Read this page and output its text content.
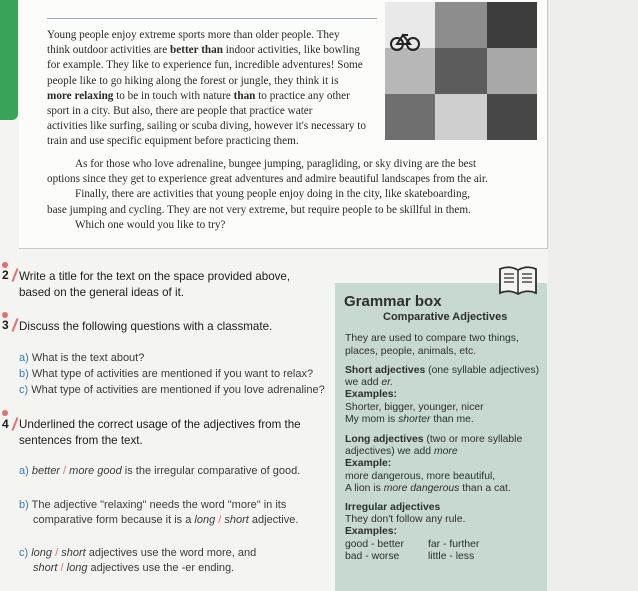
Young people enjoy extreme sports more than older people. They
think outdoor activities are better than indoor activities, like bowling
for example. They like to experience fun, incredible adventures! Some
people like to go hiking along the forest or jungle, they think it is
more relaxing to be in touch with nature than to practice any other
sport in a city. But also, there are people that practice water
activities like surfing, sailing or scuba diving, however it's necessary to
train and use specific equipment before practicing them.
As for those who love adrenaline, bungee jumping, paragliding, or sky diving are the best
options since they get to experience great adventures and admire beautiful landscapes from the air.
Finally, there are activities that young people enjoy doing in the city, like skateboarding,
base jumping and cycling. They are not very extreme, but require people to be skillful in them.
Which one would you like to try?
2 Write a title for the text on the space provided above,
based on the general ideas of it.
3 Discuss the following questions with a classmate.
a) What is the text about?
b) What type of activities are mentioned if you want to relax?
c) What type of activities are mentioned if you love adrenaline?
4 Underlined the correct usage of the adjectives from the
sentences from the text.
a) better / more good is the irregular comparative of good.
b) The adjective "relaxing" needs the word "more" in its
comparative form because it is a long / short adjective.
c) long / short adjectives use the word more, and
short / long adjectives use the -er ending.
Grammar box
Comparative Adjectives
They are used to compare two things,
places, people, animals, etc.
Short adjectives (one syllable adjectives)
we add er.
Examples:
Shorter, bigger, younger, nicer
My mom is shorter than me.
Long adjectives (two or more syllable
adjectives) we add more
Example:
more dangerous, more beautiful,
A lion is more dangerous than a cat.
Irregular adjectives
They don't follow any rule.
Examples:
good - better far - further
bad - worse	little - less
